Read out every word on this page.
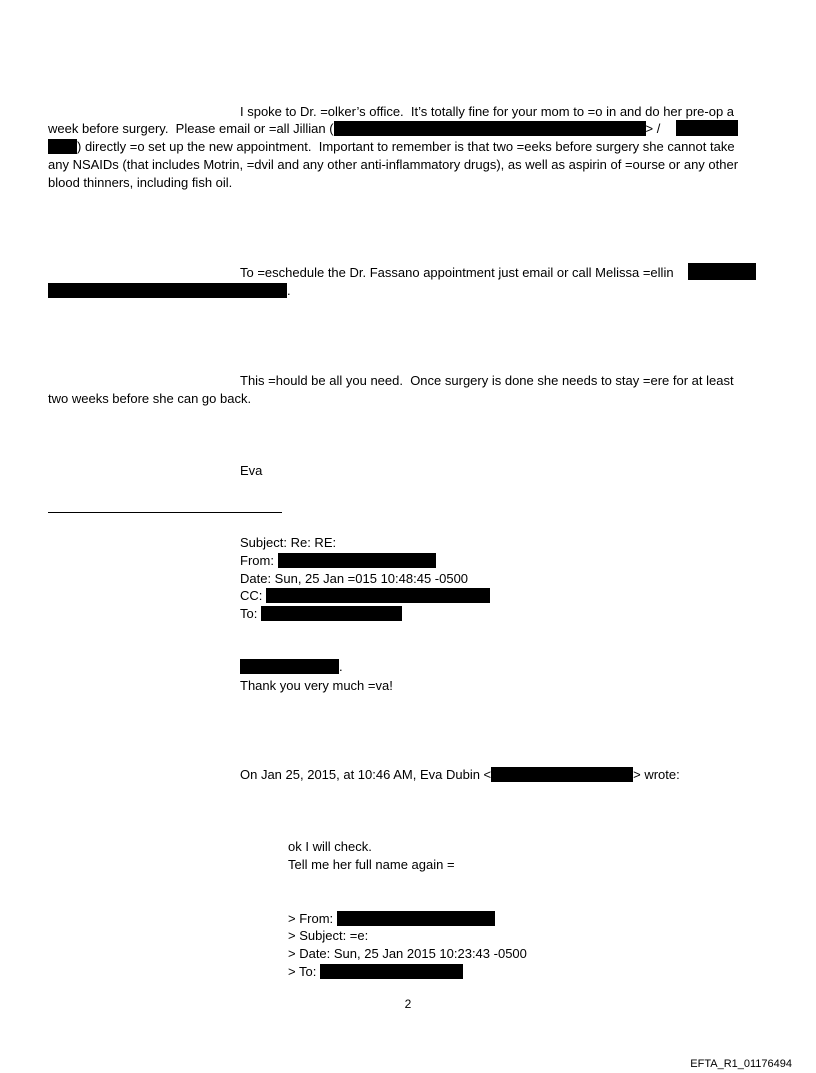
I spoke to Dr. =olker’s office.  It’s totally fine for your mom to =o in and do her pre-op a
week before surgery.  Please email or =all Jillian (	> /
) directly =o set up the new appointment.  Important to remember is that two =eeks before surgery she cannot take
any NSAIDs (that includes Motrin, =dvil and any other anti-inflammatory drugs), as well as aspirin of =ourse or any other
blood thinners, including fish oil.
To =eschedule the Dr. Fassano appointment just email or call Melissa =ellin
.
This =hould be all you need.  Once surgery is done she needs to stay =ere for at least
two weeks before she can go back.
Eva
Subject: Re: RE:
From:
Date: Sun, 25 Jan =015 10:48:45 -0500
CC:
To:
.
Thank you very much =va!
On Jan 25, 2015, at 10:46 AM, Eva Dubin <	> wrote:
ok I will check.
Tell me her full name again =
> From:
> Subject: =e:
> Date: Sun, 25 Jan 2015 10:23:43 -0500
> To:
2
EFTA_R1_01176494
